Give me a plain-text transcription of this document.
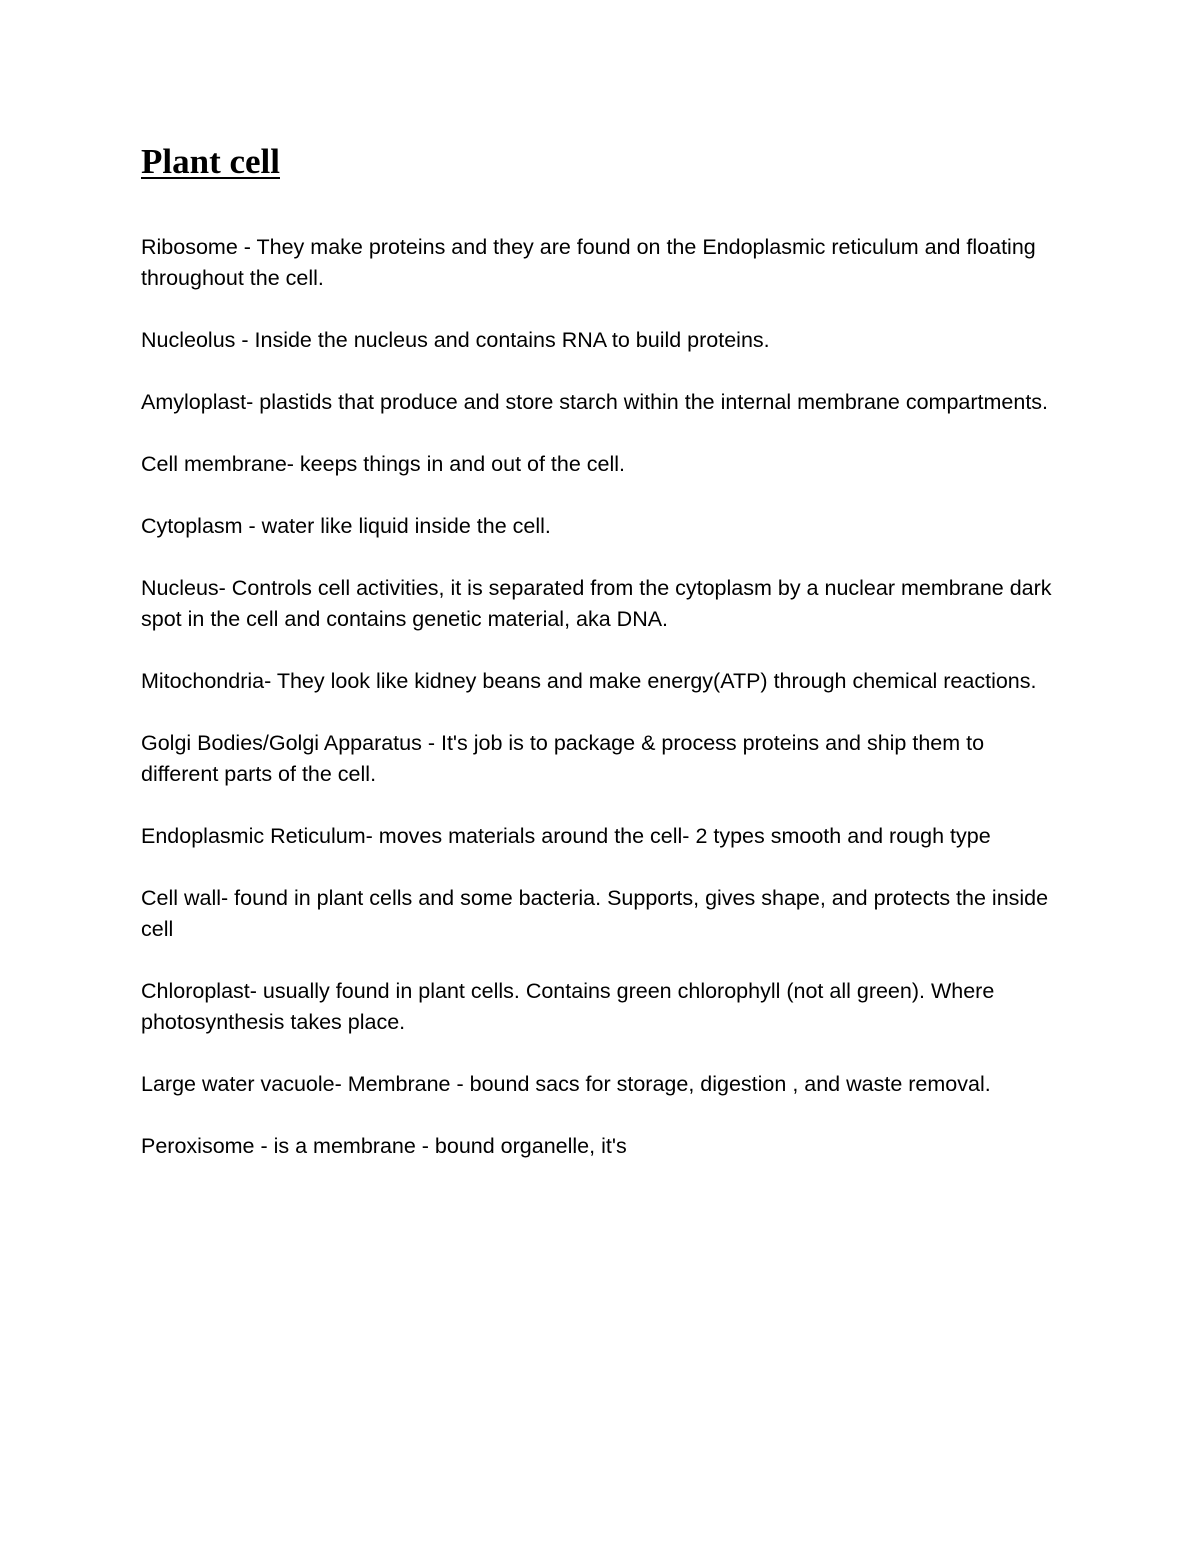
Plant cell

Ribosome - They make proteins and they are found on the Endoplasmic reticulum and floating throughout the cell.

Nucleolus - Inside the nucleus and contains RNA to build proteins.

Amyloplast- plastids that produce and store starch within the internal membrane compartments.

Cell membrane- keeps things in and out of the cell.

Cytoplasm - water like liquid inside the cell.

Nucleus- Controls cell activities, it is separated from the cytoplasm by a nuclear membrane dark spot in the cell and contains genetic material, aka DNA.

Mitochondria- They look like kidney beans and make energy(ATP) through chemical reactions.

Golgi Bodies/Golgi Apparatus - It's job is to package & process proteins and ship them to different parts of the cell.

Endoplasmic Reticulum- moves materials around the cell- 2 types smooth and rough type

Cell wall- found in plant cells and some bacteria. Supports, gives shape, and protects the inside cell

Chloroplast- usually found in plant cells. Contains green chlorophyll (not all green). Where photosynthesis takes place.

Large water vacuole- Membrane - bound sacs for storage, digestion , and waste removal.

Peroxisome - is a membrane - bound organelle, it's
